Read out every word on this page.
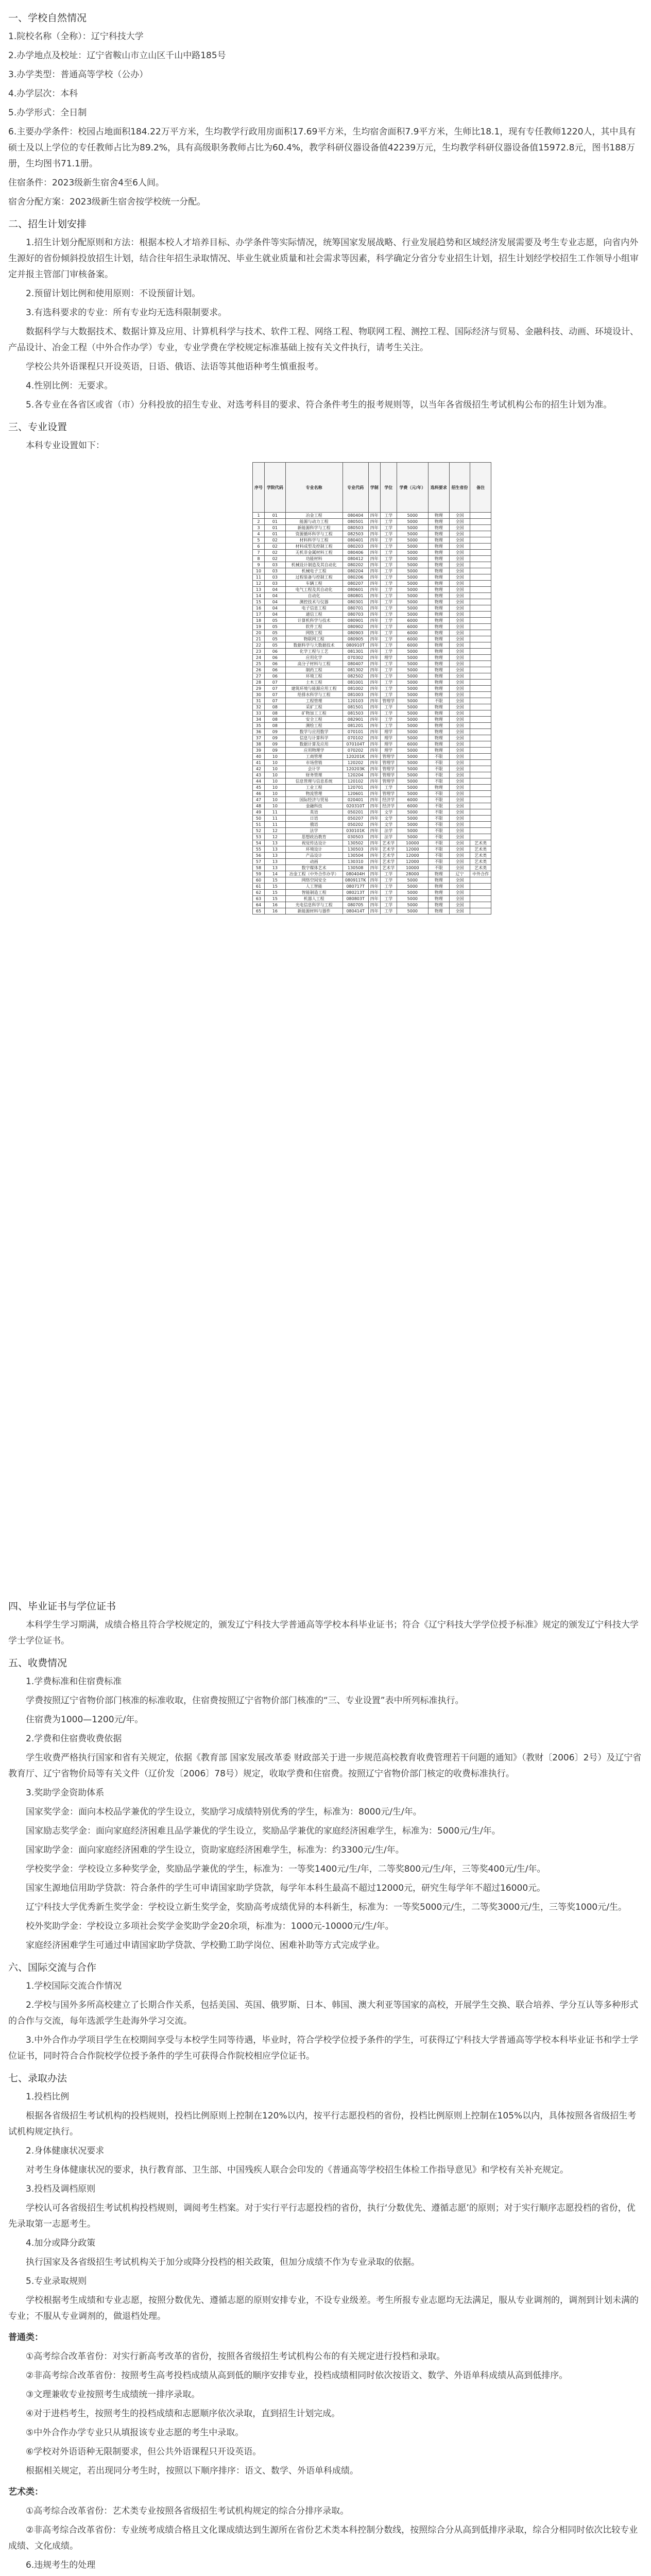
一、学校自然情况
1.院校名称（全称）：辽宁科技大学
2.办学地点及校址：辽宁省鞍山市立山区千山中路185号
3.办学类型：普通高等学校（公办）
4.办学层次：本科
5.办学形式：全日制
6.主要办学条件：校园占地面积184.22万平方米，生均教学行政用房面积17.69平方米，生均宿舍面积7.9平方米，生师比18.1，现有专任教师1220人，其中具有硕士及以上学位的专任教师占比为89.2%，具有高级职务教师占比为60.4%，教学科研仪器设备值42239万元，生均教学科研仪器设备值15972.8元，图书188万册，生均图书71.1册。
住宿条件：2023级新生宿舍4至6人间。
宿舍分配方案：2023级新生宿舍按学校统一分配。
二、招生计划安排
1.招生计划分配原则和方法：根据本校人才培养目标、办学条件等实际情况，统筹国家发展战略、行业发展趋势和区域经济发展需要及考生专业志愿，向省内外生源好的省份倾斜投放招生计划，结合往年招生录取情况、毕业生就业质量和社会需求等因素，科学确定分省分专业招生计划，招生计划经学校招生工作领导小组审定并报主管部门审核备案。
2.预留计划比例和使用原则：不设预留计划。
3.有选科要求的专业：所有专业均无选科限制要求。
数据科学与大数据技术、数据计算及应用、计算机科学与技术、软件工程、网络工程、物联网工程、测控工程、国际经济与贸易、金融科技、动画、环境设计、产品设计、冶金工程（中外合作办学）专业，专业学费在学校规定标准基础上按有关文件执行，请考生关注。
学校公共外语课程只开设英语，日语、俄语、法语等其他语种考生慎重报考。
4.性别比例：无要求。
5.各专业在各省区或省（市）分科投放的招生专业、对选考科目的要求、符合条件考生的报考规则等，以当年各省级招生考试机构公布的招生计划为准。
三、专业设置
本科专业设置如下：
序号	学院代码	专业名称	专业代码	学制	学位	学费（元/年）	选科要求	招生省份	备注
1	01	冶金工程	080404	四年	工学	5000	物理	全国	
2	01	能源与动力工程	080501	四年	工学	5000	物理	全国	
3	01	新能源科学与工程	080503	四年	工学	5000	物理	全国	
4	01	资源循环科学与工程	082503	四年	工学	5000	物理	全国	
5	02	材料科学与工程	080401	四年	工学	5000	物理	全国	
6	02	材料成型及控制工程	080203	四年	工学	5000	物理	全国	
7	02	无机非金属材料工程	080406	四年	工学	5000	物理	全国	
8	02	功能材料	080412	四年	工学	5000	物理	全国	
9	03	机械设计制造及其自动化	080202	四年	工学	5000	物理	全国	
10	03	机械电子工程	080204	四年	工学	5000	物理	全国	
11	03	过程装备与控制工程	080206	四年	工学	5000	物理	全国	
12	03	车辆工程	080207	四年	工学	5000	物理	全国	
13	04	电气工程及其自动化	080601	四年	工学	5000	物理	全国	
14	04	自动化	080801	四年	工学	5000	物理	全国	
15	04	测控技术与仪器	080301	四年	工学	5000	物理	全国	
16	04	电子信息工程	080701	四年	工学	5000	物理	全国	
17	04	通信工程	080703	四年	工学	5000	物理	全国	
18	05	计算机科学与技术	080901	四年	工学	6000	物理	全国	
19	05	软件工程	080902	四年	工学	6000	物理	全国	
20	05	网络工程	080903	四年	工学	6000	物理	全国	
21	05	物联网工程	080905	四年	工学	6000	物理	全国	
22	05	数据科学与大数据技术	080910T	四年	工学	6000	物理	全国	
23	06	化学工程与工艺	081301	四年	工学	5000	物理	全国	
24	06	应用化学	070302	四年	理学	5000	物理	全国	
25	06	高分子材料与工程	080407	四年	工学	5000	物理	全国	
26	06	制药工程	081302	四年	工学	5000	物理	全国	
27	06	环境工程	082502	四年	工学	5000	物理	全国	
28	07	土木工程	081001	四年	工学	5000	物理	全国	
29	07	建筑环境与能源应用工程	081002	四年	工学	5000	物理	全国	
30	07	给排水科学与工程	081003	四年	工学	5000	物理	全国	
31	07	工程管理	120103	四年	管理学	5000	不限	全国	
32	08	采矿工程	081501	四年	工学	5000	物理	全国	
33	08	矿物加工工程	081503	四年	工学	5000	物理	全国	
34	08	安全工程	082901	四年	工学	5000	物理	全国	
35	08	测绘工程	081201	四年	工学	5000	物理	全国	
36	09	数学与应用数学	070101	四年	理学	5000	物理	全国	
37	09	信息与计算科学	070102	四年	理学	5000	物理	全国	
38	09	数据计算及应用	070104T	四年	理学	6000	物理	全国	
39	09	应用物理学	070202	四年	理学	5000	物理	全国	
40	10	工商管理	120201K	四年	管理学	5000	不限	全国	
41	10	市场营销	120202	四年	管理学	5000	不限	全国	
42	10	会计学	120203K	四年	管理学	5000	不限	全国	
43	10	财务管理	120204	四年	管理学	5000	不限	全国	
44	10	信息管理与信息系统	120102	四年	管理学	5000	不限	全国	
45	10	工业工程	120701	四年	工学	5000	物理	全国	
46	10	物流管理	120601	四年	管理学	5000	不限	全国	
47	10	国际经济与贸易	020401	四年	经济学	6000	不限	全国	
48	10	金融科技	020310T	四年	经济学	6000	不限	全国	
49	11	英语	050201	四年	文学	5000	不限	全国	
50	11	日语	050207	四年	文学	5000	不限	全国	
51	11	俄语	050202	四年	文学	5000	不限	全国	
52	12	法学	030101K	四年	法学	5000	不限	全国	
53	12	思想政治教育	030503	四年	法学	5000	不限	全国	
54	13	视觉传达设计	130502	四年	艺术学	10000	不限	全国	艺术类
55	13	环境设计	130503	四年	艺术学	12000	不限	全国	艺术类
56	13	产品设计	130504	四年	艺术学	12000	不限	全国	艺术类
57	13	动画	130310	四年	艺术学	12000	不限	全国	艺术类
58	13	数字媒体艺术	130508	四年	艺术学	10000	不限	全国	艺术类
59	14	冶金工程（中外合作办学）	080404H	四年	工学	28000	物理	辽宁	中外合作
60	15	网络空间安全	080911TK	四年	工学	5000	物理	全国	
61	15	人工智能	080717T	四年	工学	5000	物理	全国	
62	15	智能制造工程	080213T	四年	工学	5000	物理	全国	
63	15	机器人工程	080803T	四年	工学	5000	物理	全国	
64	16	光电信息科学与工程	080705	四年	工学	5000	物理	全国	
65	16	新能源材料与器件	080414T	四年	工学	5000	物理	全国	
四、毕业证书与学位证书
本科学生学习期满，成绩合格且符合学校规定的，颁发辽宁科技大学普通高等学校本科毕业证书；符合《辽宁科技大学学位授予标准》规定的颁发辽宁科技大学学士学位证书。
五、收费情况
1.学费标准和住宿费标准
学费按照辽宁省物价部门核准的标准收取，住宿费按照辽宁省物价部门核准的“三、专业设置”表中所列标准执行。
住宿费为1000—1200元/年。
2.学费和住宿费收费依据
学生收费严格执行国家和省有关规定，依据《教育部 国家发展改革委 财政部关于进一步规范高校教育收费管理若干问题的通知》（教财〔2006〕2号）及辽宁省教育厅、辽宁省物价局等有关文件（辽价发〔2006〕78号）规定，收取学费和住宿费。按照辽宁省物价部门核定的收费标准执行。
3.奖助学金资助体系
国家奖学金：面向本校品学兼优的学生设立，奖励学习成绩特别优秀的学生，标准为：8000元/生/年。
国家励志奖学金：面向家庭经济困难且品学兼优的学生设立，奖励品学兼优的家庭经济困难学生，标准为：5000元/生/年。
国家助学金：面向家庭经济困难的学生设立，资助家庭经济困难学生，标准为：约3300元/生/年。
学校奖学金：学校设立多种奖学金，奖励品学兼优的学生，标准为：一等奖1400元/生/年，二等奖800元/生/年，三等奖400元/生/年。
国家生源地信用助学贷款：符合条件的学生可申请国家助学贷款，每学年本科生最高不超过12000元，研究生每学年不超过16000元。
辽宁科技大学优秀新生奖学金：学校设立新生奖学金，奖励高考成绩优异的本科新生，标准为：一等奖5000元/生，二等奖3000元/生，三等奖1000元/生。
校外奖助学金：学校设立多项社会奖学金奖助学金20余项，标准为：1000元-10000元/生/年。
家庭经济困难学生可通过申请国家助学贷款、学校勤工助学岗位、困难补助等方式完成学业。
六、国际交流与合作
1.学校国际交流合作情况
2.学校与国外多所高校建立了长期合作关系，包括美国、英国、俄罗斯、日本、韩国、澳大利亚等国家的高校，开展学生交换、联合培养、学分互认等多种形式的合作与交流，每年选派学生赴海外学习交流。
3.中外合作办学项目学生在校期间享受与本校学生同等待遇，毕业时，符合学校学位授予条件的学生，可获得辽宁科技大学普通高等学校本科毕业证书和学士学位证书，同时符合合作院校学位授予条件的学生可获得合作院校相应学位证书。
七、录取办法
1.投档比例
根据各省级招生考试机构的投档规则，投档比例原则上控制在120%以内，按平行志愿投档的省份，投档比例原则上控制在105%以内，具体按照各省级招生考试机构规定执行。
2.身体健康状况要求
对考生身体健康状况的要求，执行教育部、卫生部、中国残疾人联合会印发的《普通高等学校招生体检工作指导意见》和学校有关补充规定。
3.投档及调档原则
学校认可各省级招生考试机构投档规则，调阅考生档案。对于实行平行志愿投档的省份，执行‘分数优先、遵循志愿’的原则；对于实行顺序志愿投档的省份，优先录取第一志愿考生。
4.加分或降分政策
执行国家及各省级招生考试机构关于加分或降分投档的相关政策，但加分成绩不作为专业录取的依据。
5.专业录取规则
学校根据考生成绩和专业志愿，按照分数优先、遵循志愿的原则安排专业，不设专业级差。考生所报专业志愿均无法满足，服从专业调剂的，调剂到计划未满的专业；不服从专业调剂的，做退档处理。
普通类：
①高考综合改革省份：对实行新高考改革的省份，按照各省级招生考试机构公布的有关规定进行投档和录取。
②非高考综合改革省份：按照考生高考投档成绩从高到低的顺序安排专业，投档成绩相同时依次按语文、数学、外语单科成绩从高到低排序。
③文理兼收专业按照考生成绩统一排序录取。
④对于进档考生，按照考生的投档成绩和志愿顺序依次录取，直到招生计划完成。
⑤中外合作办学专业只从填报该专业志愿的考生中录取。
⑥学校对外语语种无限制要求，但公共外语课程只开设英语。
根据相关规定，若出现同分考生时，按照以下顺序排序：语文、数学、外语单科成绩。
艺术类：
①高考综合改革省份：艺术类专业按照各省级招生考试机构规定的综合分排序录取。
②非高考综合改革省份：专业统考成绩合格且文化课成绩达到生源所在省份艺术类本科控制分数线，按照综合分从高到低排序录取，综合分相同时依次比较专业成绩、文化成绩。
6.违规考生的处理
